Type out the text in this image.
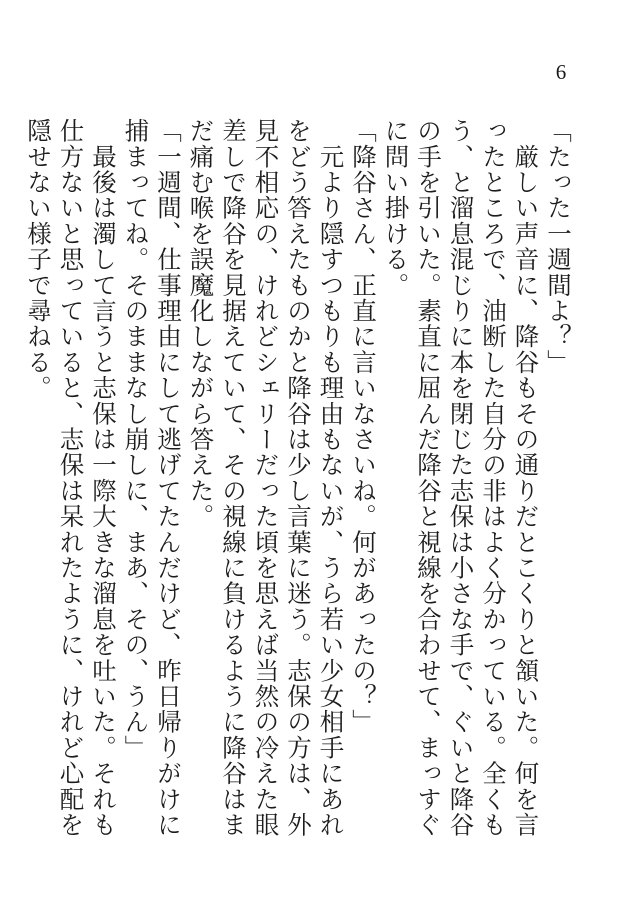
6

「たった一週間よ？」

　厳しい声音に、降谷もその通りだとこくりと頷いた。何を言ったところで、油断した自分の非はよく分かっている。全くもう、と溜息混じりに本を閉じた志保は小さな手で、ぐいと降谷の手を引いた。素直に屈んだ降谷と視線を合わせて、まっすぐに問い掛ける。

「降谷さん、正直に言いなさいね。何があったの？」

　元より隠すつもりも理由もないが、うら若い少女相手にあれをどう答えたものかと降谷は少し言葉に迷う。志保の方は、外見不相応の、けれどシェリーだった頃を思えば当然の冷えた眼差しで降谷を見据えていて、その視線に負けるように降谷はまだ痛む喉を誤魔化しながら答えた。

「一週間、仕事理由にして逃げてたんだけど、昨日帰りがけに捕まってね。そのままなし崩しに、まあ、その、うん」

　最後は濁して言うと志保は一際大きな溜息を吐いた。それも仕方ないと思っていると、志保は呆れたように、けれど心配を隠せない様子で尋ねる。
